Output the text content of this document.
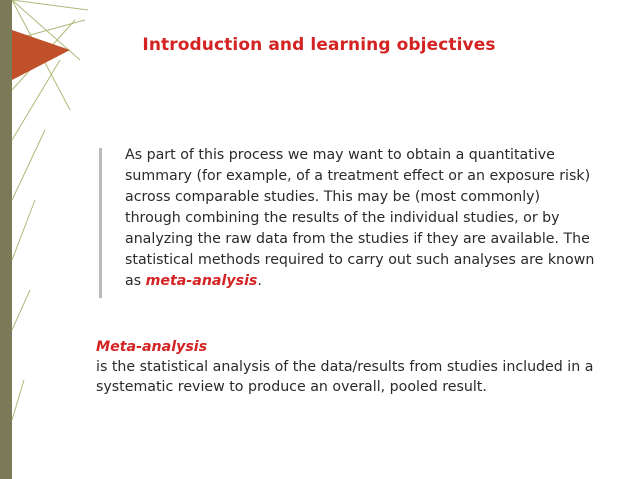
Introduction and learning objectives
As part of this process we may want to obtain a quantitative summary (for example, of a treatment effect or an exposure risk) across comparable studies. This may be (most commonly) through combining the results of the individual studies, or by analyzing the raw data from the studies if they are available. The statistical methods required to carry out such analyses are known as meta-analysis.
Meta-analysis
is the statistical analysis of the data/results from studies included in a systematic review to produce an overall, pooled result.
